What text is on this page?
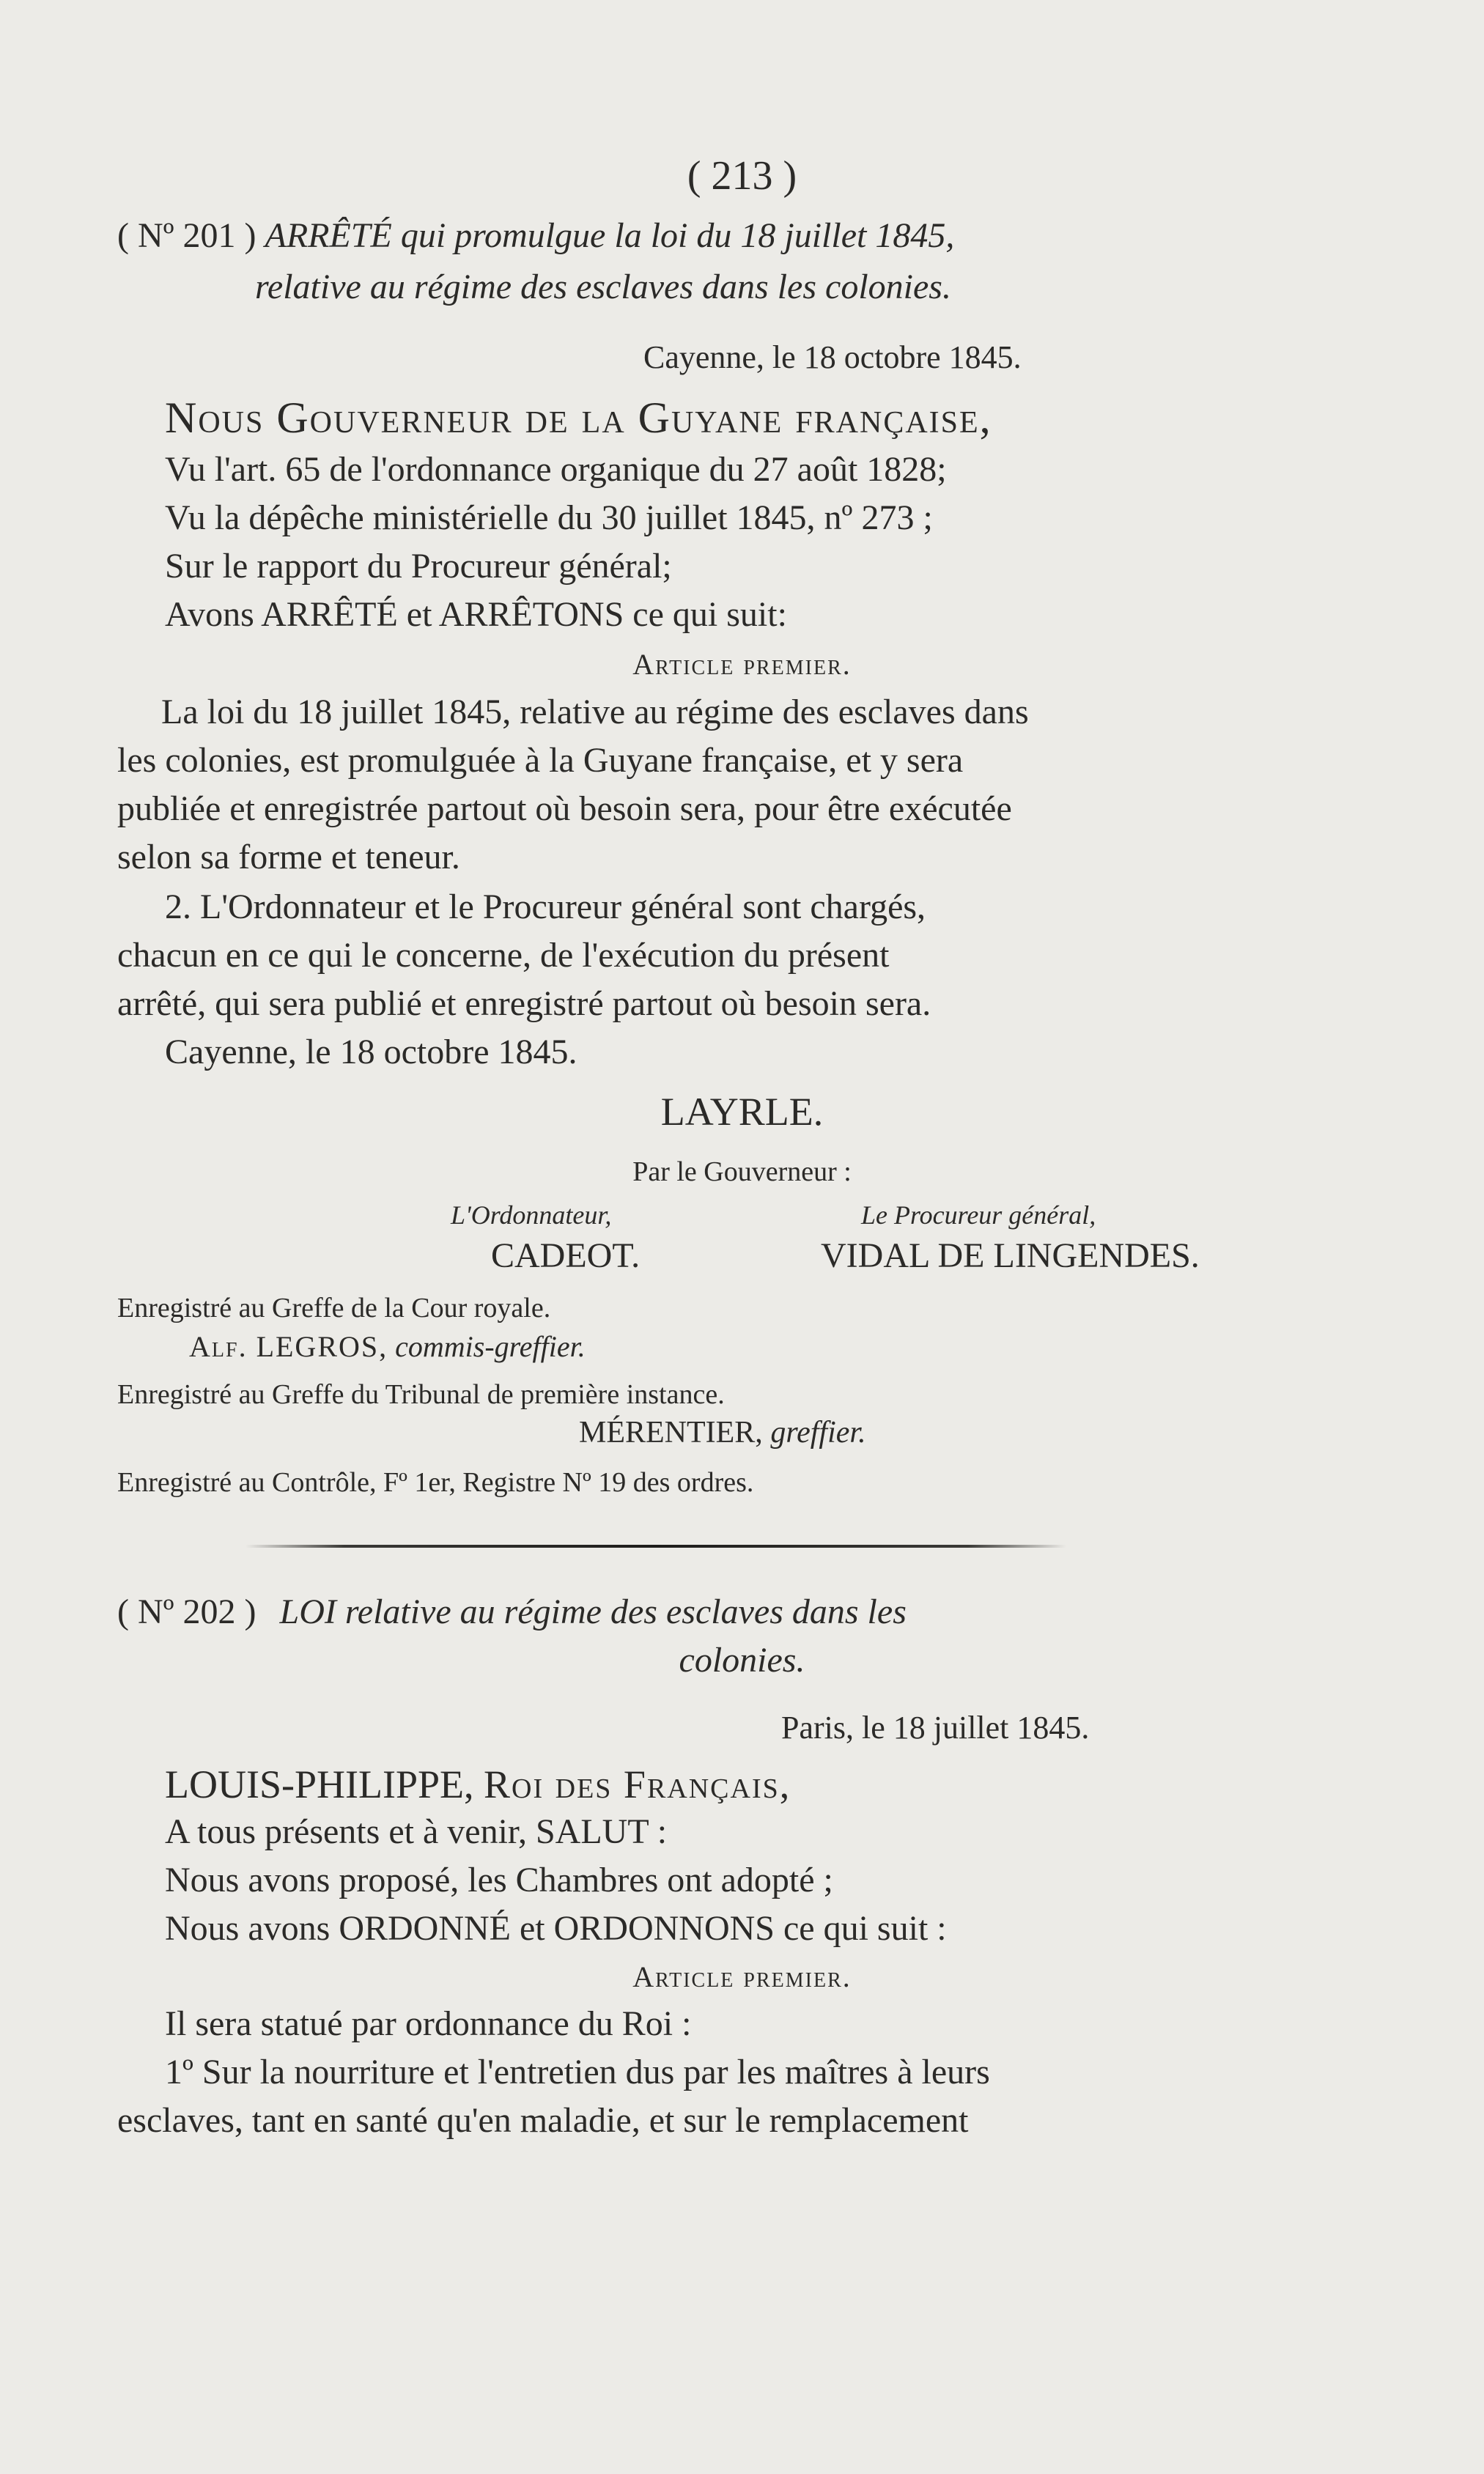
( 213 )
( Nº 201 ) ARRÊTÉ qui promulgue la loi du 18 juillet 1845,
relative au régime des esclaves dans les colonies.
Cayenne, le 18 octobre 1845.
Nous Gouverneur de la Guyane française,
Vu l'art. 65 de l'ordonnance organique du 27 août 1828;
Vu la dépêche ministérielle du 30 juillet 1845, nº 273 ;
Sur le rapport du Procureur général;
Avons ARRÊTÉ et ARRÊTONS ce qui suit:
Article premier.
La loi du 18 juillet 1845, relative au régime des esclaves dans
les colonies, est promulguée à la Guyane française, et y sera
publiée et enregistrée partout où besoin sera, pour être exécutée
selon sa forme et teneur.
2. L'Ordonnateur et le Procureur général sont chargés,
chacun en ce qui le concerne, de l'exécution du présent
arrêté, qui sera publié et enregistré partout où besoin sera.
Cayenne, le 18 octobre 1845.
LAYRLE.
Par le Gouverneur :
L'Ordonnateur,
CADEOT.
Le Procureur général,
VIDAL DE LINGENDES.
Enregistré au Greffe de la Cour royale.
Alf. LEGROS, commis-greffier.
Enregistré au Greffe du Tribunal de première instance.
MÉRENTIER, greffier.
Enregistré au Contrôle, Fº 1er, Registre Nº 19 des ordres.
( Nº 202 ) LOI relative au régime des esclaves dans les
colonies.
Paris, le 18 juillet 1845.
LOUIS-PHILIPPE, Roi des Français,
A tous présents et à venir, SALUT :
Nous avons proposé, les Chambres ont adopté ;
Nous avons ORDONNÉ et ORDONNONS ce qui suit :
Article premier.
Il sera statué par ordonnance du Roi :
1º Sur la nourriture et l'entretien dus par les maîtres à leurs
esclaves, tant en santé qu'en maladie, et sur le remplacement
